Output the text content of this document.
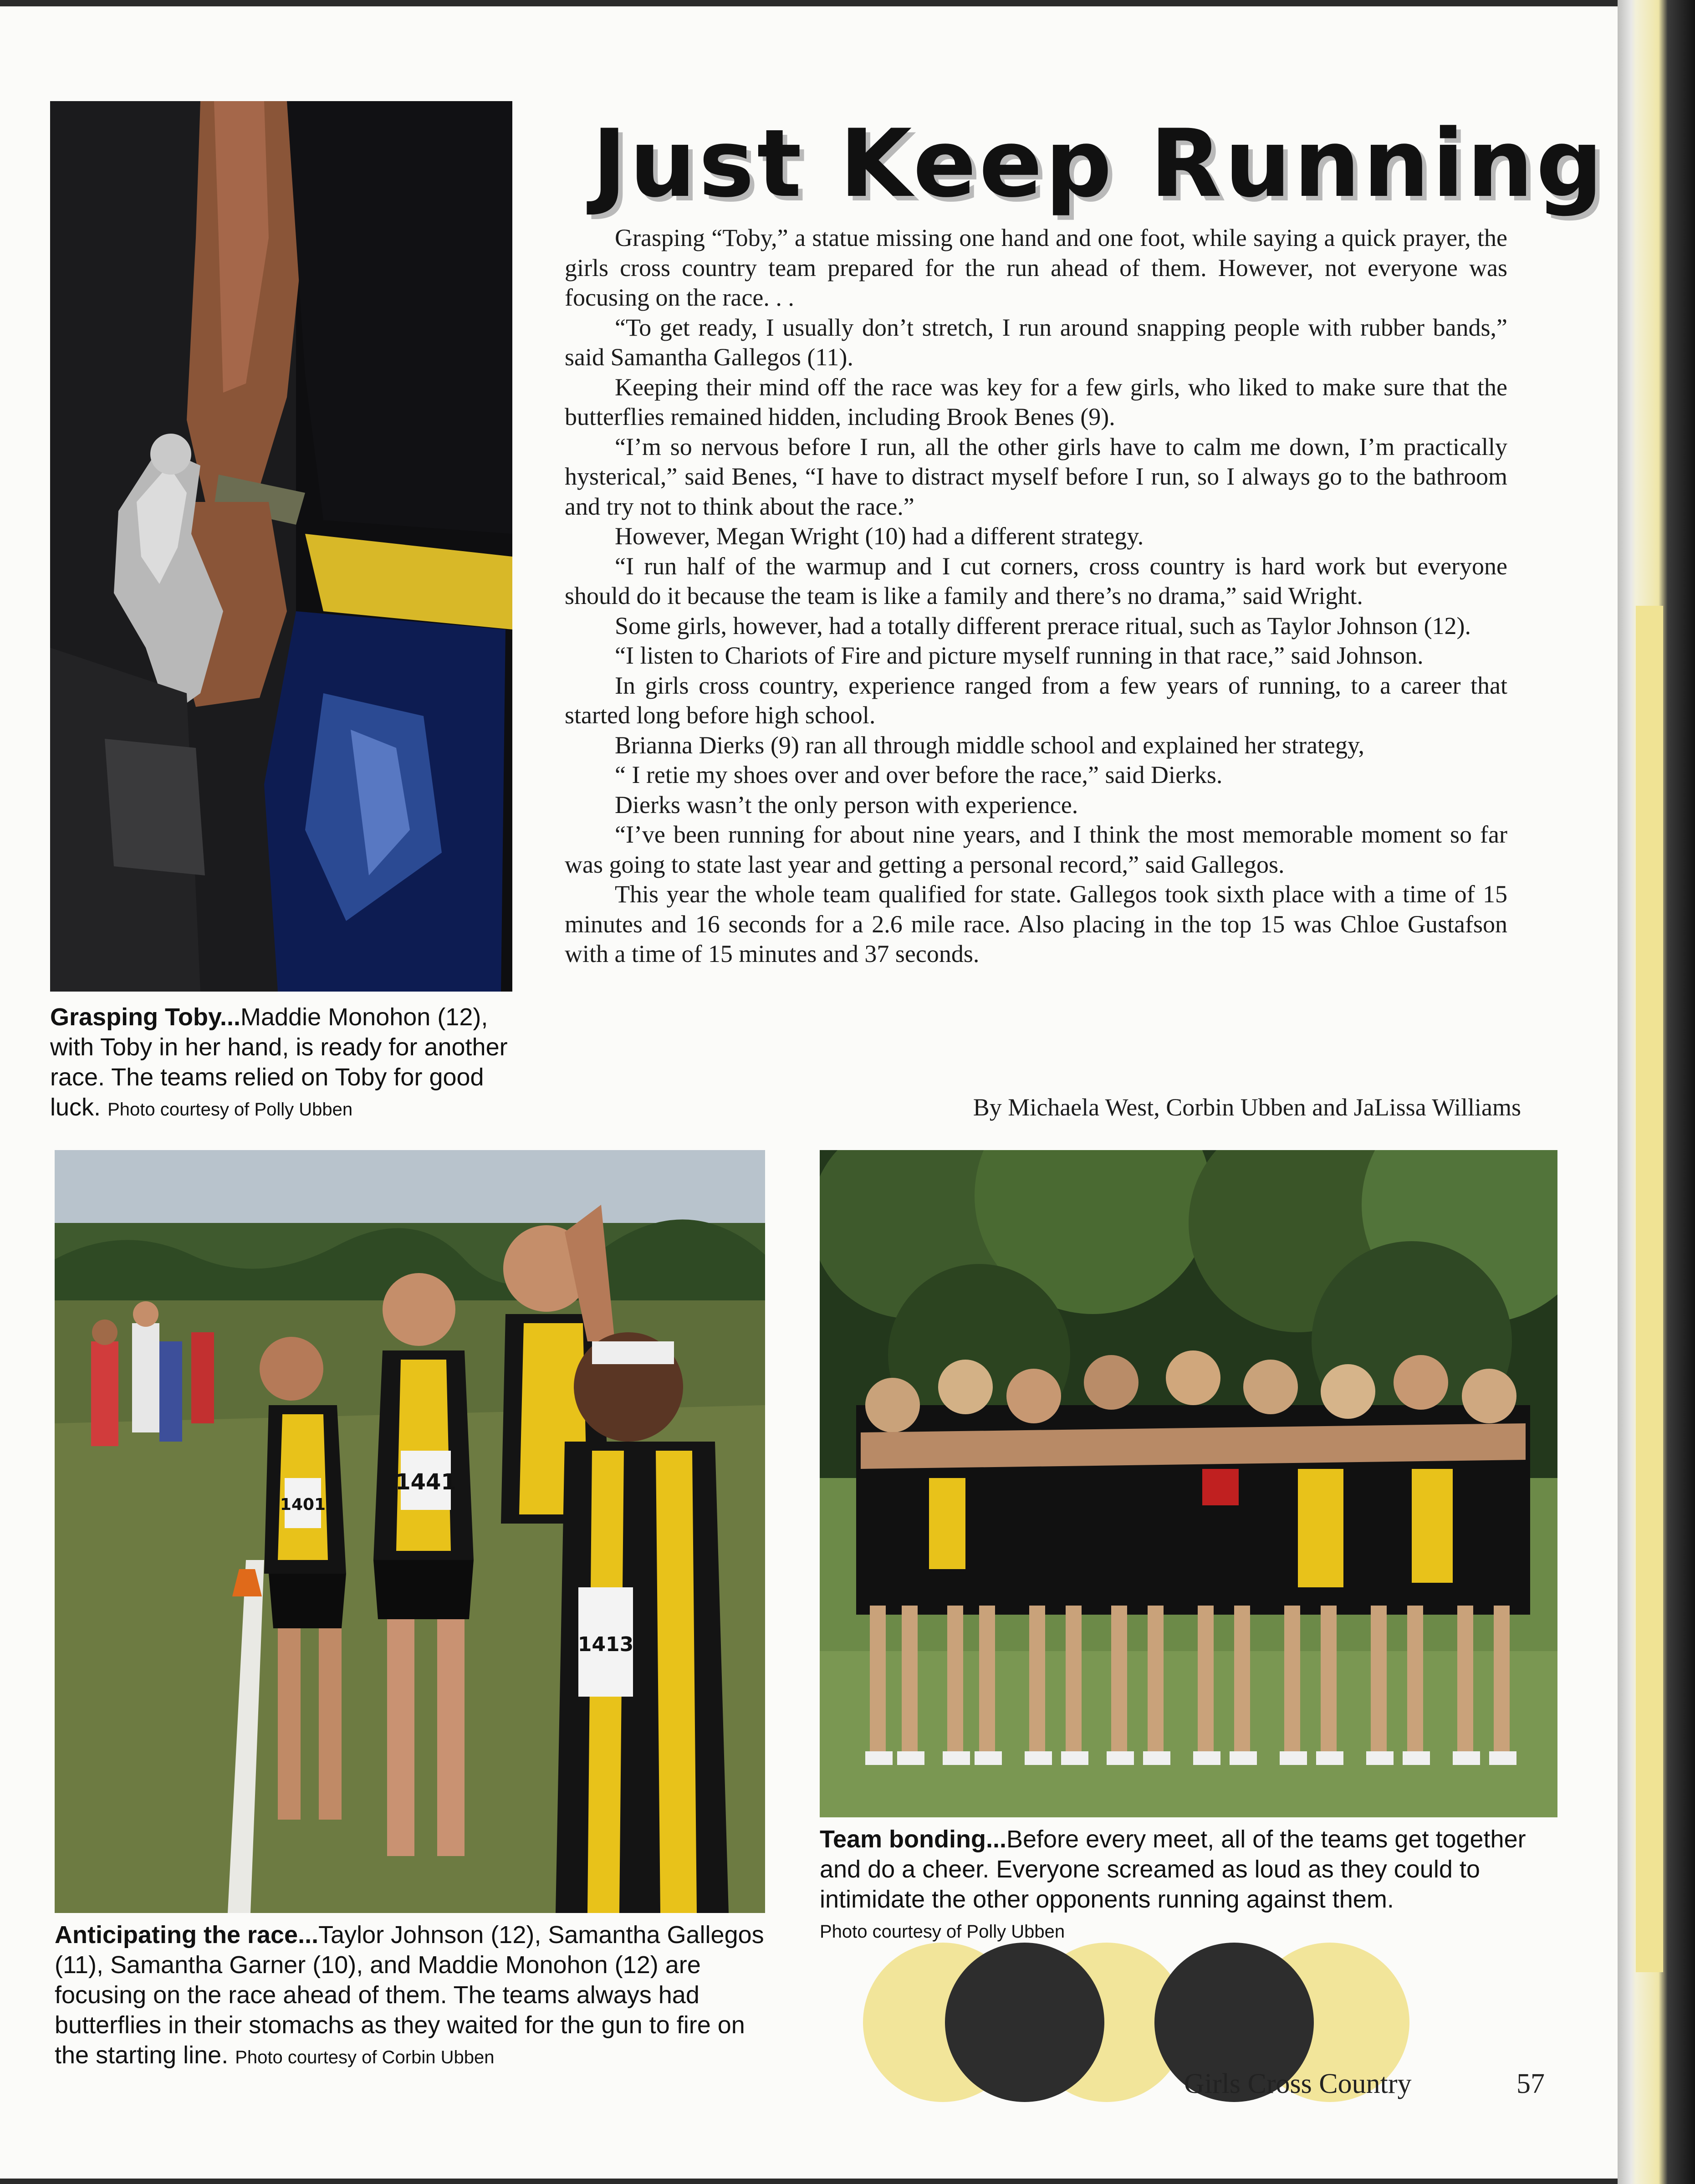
Just Keep Running

Grasping “Toby,” a statue missing one hand and one foot, while saying a quick prayer, the girls cross country team prepared for the run ahead of them. However, not everyone was focusing on the race. . .

“To get ready, I usually don’t stretch, I run around snapping people with rubber bands,” said Samantha Gallegos (11).

Keeping their mind off the race was key for a few girls, who liked to make sure that the butterflies remained hidden, including Brook Benes (9).

“I’m so nervous before I run, all the other girls have to calm me down, I’m practically hysterical,” said Benes, “I have to distract myself before I run, so I always go to the bathroom and try not to think about the race.”

However, Megan Wright (10) had a different strategy.

“I run half of the warmup and I cut corners, cross country is hard work but everyone should do it because the team is like a family and there’s no drama,” said Wright.

Some girls, however, had a totally different prerace ritual, such as Taylor Johnson (12).

“I listen to Chariots of Fire and picture myself running in that race,” said Johnson.

In girls cross country, experience ranged from a few years of running, to a career that started long before high school.

Brianna Dierks (9) ran all through middle school and explained her strategy,

“ I retie my shoes over and over before the race,” said Dierks.

Dierks wasn’t the only person with experience.

“I’ve been running for about nine years, and I think the most memorable moment so far was going to state last year and getting a personal record,” said Gallegos.

This year the whole team qualified for state. Gallegos took sixth place with a time of 15 minutes and 16 seconds for a 2.6 mile race. Also placing in the top 15 was Chloe Gustafson with a time of 15 minutes and 37 seconds.

By Michaela West, Corbin Ubben and JaLissa Williams
Grasping Toby...Maddie Monohon (12), with Toby in her hand, is ready for another race. The teams relied on Toby for good luck. Photo courtesy of Polly Ubben
1401
1441
1413
Anticipating the race...Taylor Johnson (12), Samantha Gallegos (11), Samantha Garner (10), and Maddie Monohon (12) are focusing on the race ahead of them. The teams always had butterflies in their stomachs as they waited for the gun to fire on the starting line. Photo courtesy of Corbin Ubben
Team bonding...Before every meet, all of the teams get together and do a cheer. Everyone screamed as loud as they could to intimidate the other opponents running against them.
Photo courtesy of Polly Ubben
Girls Cross Country	57
